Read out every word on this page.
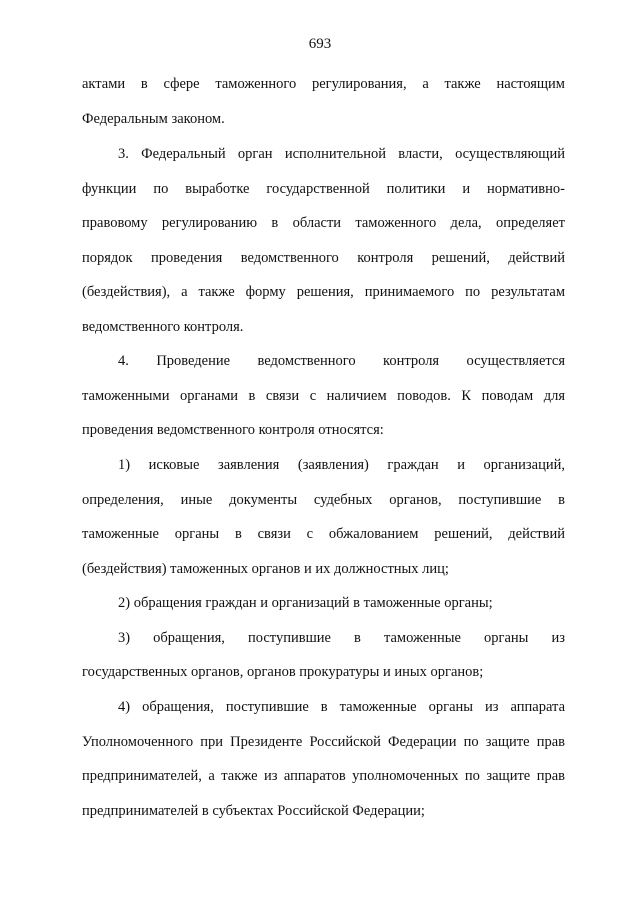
693
актами в сфере таможенного регулирования, а также настоящим
Федеральным законом.
3. Федеральный орган исполнительной власти, осуществляющий
функции по выработке государственной политики и нормативно-
правовому регулированию в области таможенного дела, определяет
порядок проведения ведомственного контроля решений, действий
(бездействия), а также форму решения, принимаемого по результатам
ведомственного контроля.
4. Проведение ведомственного контроля осуществляется
таможенными органами в связи с наличием поводов. К поводам для
проведения ведомственного контроля относятся:
1) исковые заявления (заявления) граждан и организаций,
определения, иные документы судебных органов, поступившие в
таможенные органы в связи с обжалованием решений, действий
(бездействия) таможенных органов и их должностных лиц;
2) обращения граждан и организаций в таможенные органы;
3) обращения, поступившие в таможенные органы из
государственных органов, органов прокуратуры и иных органов;
4) обращения, поступившие в таможенные органы из аппарата
Уполномоченного при Президенте Российской Федерации по защите прав
предпринимателей, а также из аппаратов уполномоченных по защите прав
предпринимателей в субъектах Российской Федерации;
